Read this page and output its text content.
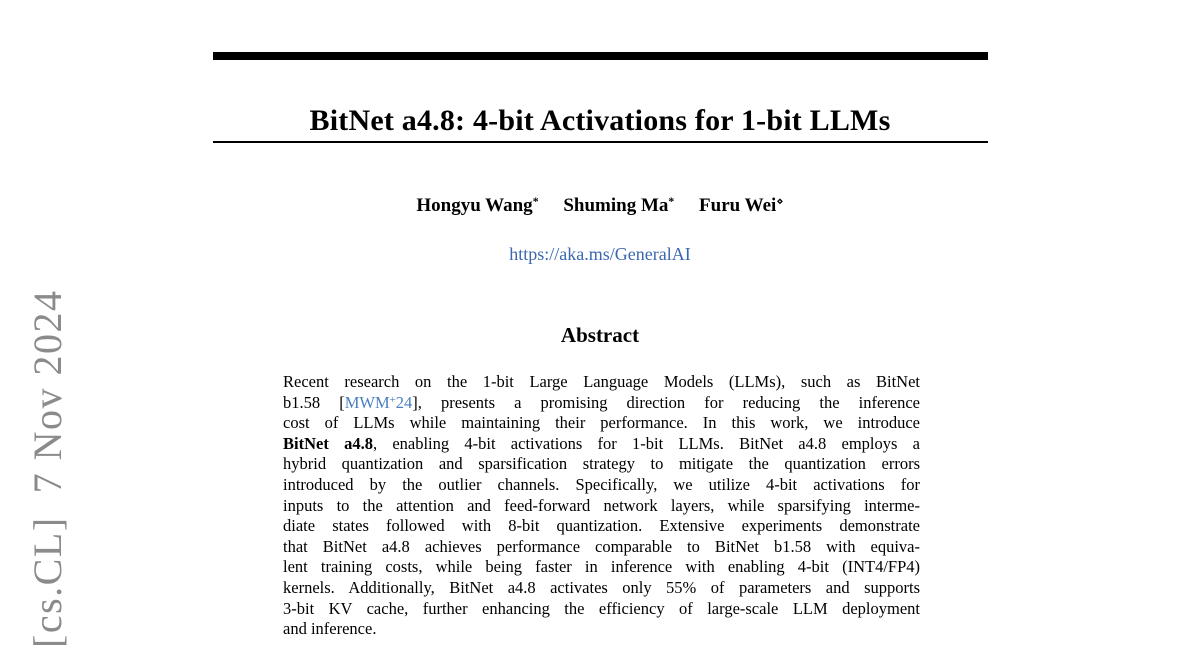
[cs.CL]  7 Nov 2024
BitNet a4.8: 4-bit Activations for 1-bit LLMs
Hongyu Wang* Shuming Ma* Furu Wei⋄
https://aka.ms/GeneralAI
Abstract
Recent research on the 1-bit Large Language Models (LLMs), such as BitNet
b1.58 [MWM+24], presents a promising direction for reducing the inference
cost of LLMs while maintaining their performance. In this work, we introduce
BitNet a4.8, enabling 4-bit activations for 1-bit LLMs. BitNet a4.8 employs a
hybrid quantization and sparsification strategy to mitigate the quantization errors
introduced by the outlier channels. Specifically, we utilize 4-bit activations for
inputs to the attention and feed-forward network layers, while sparsifying interme-
diate states followed with 8-bit quantization. Extensive experiments demonstrate
that BitNet a4.8 achieves performance comparable to BitNet b1.58 with equiva-
lent training costs, while being faster in inference with enabling 4-bit (INT4/FP4)
kernels. Additionally, BitNet a4.8 activates only 55% of parameters and supports
3-bit KV cache, further enhancing the efficiency of large-scale LLM deployment
and inference.
